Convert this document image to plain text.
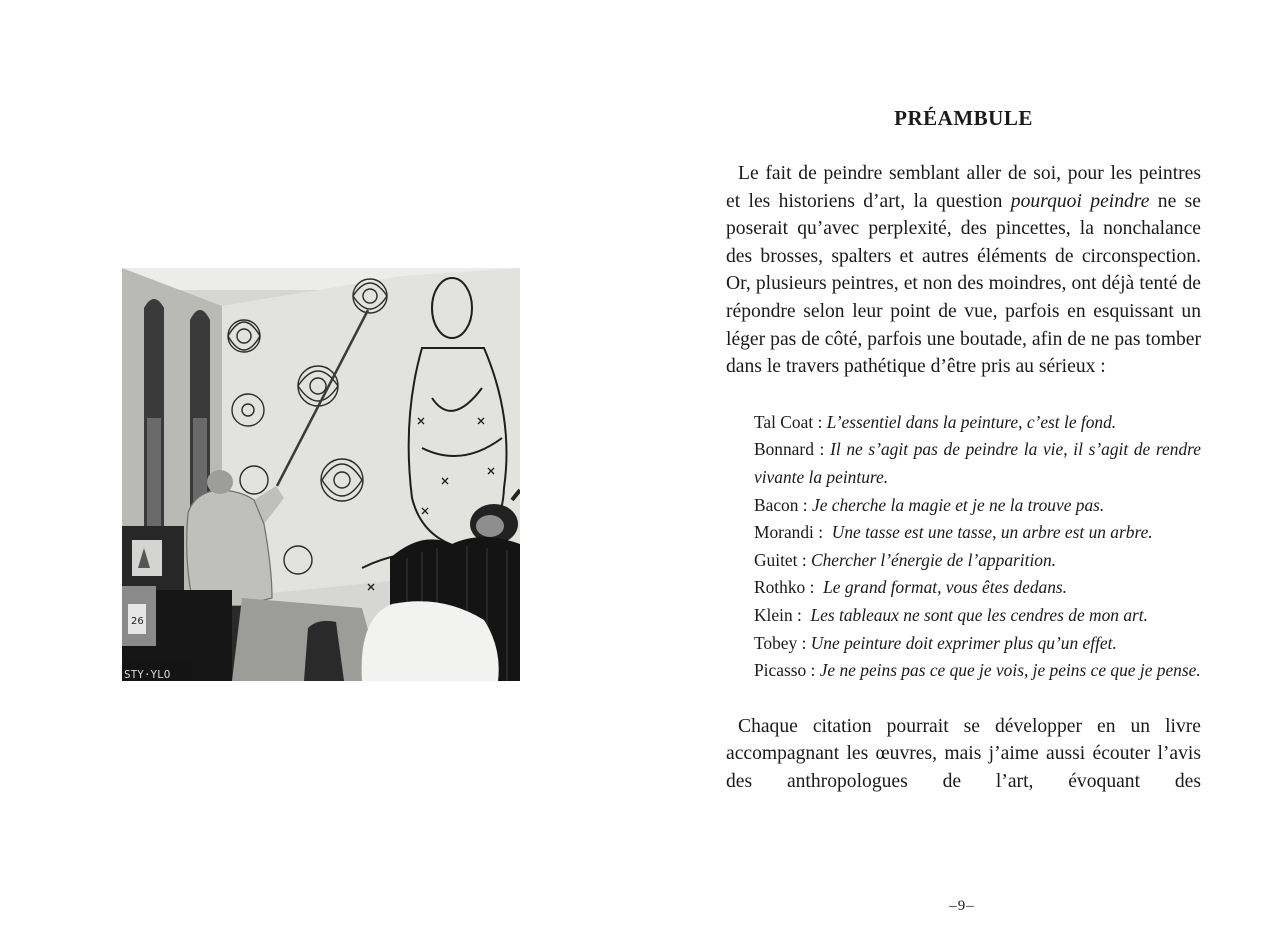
26
STY·YLO
PRÉAMBULE

Le fait de peindre semblant aller de soi, pour les peintres et les historiens d’art, la question pourquoi peindre ne se poserait qu’avec perplexité, des pincettes, la nonchalance des brosses, spalters et autres éléments de circonspection. Or, plusieurs peintres, et non des moindres, ont déjà tenté de répondre selon leur point de vue, parfois en esquissant un léger pas de côté, parfois une boutade, afin de ne pas tomber dans le travers pathétique d’être pris au sérieux :

Tal Coat : L’essentiel dans la peinture, c’est le fond.

Bonnard : Il ne s’agit pas de peindre la vie, il s’agit de rendre vivante la peinture.

Bacon : Je cherche la magie et je ne la trouve pas.

Morandi :  Une tasse est une tasse, un arbre est un arbre.

Guitet : Chercher l’énergie de l’apparition.

Rothko :  Le grand format, vous êtes dedans.

Klein :  Les tableaux ne sont que les cendres de mon art.

Tobey : Une peinture doit exprimer plus qu’un effet.

Picasso : Je ne peins pas ce que je vois, je peins ce que je pense.

Chaque citation pourrait se développer en un livre accompagnant les œuvres, mais j’aime aussi écouter l’avis des anthropologues de l’art, évoquant des

–9–
